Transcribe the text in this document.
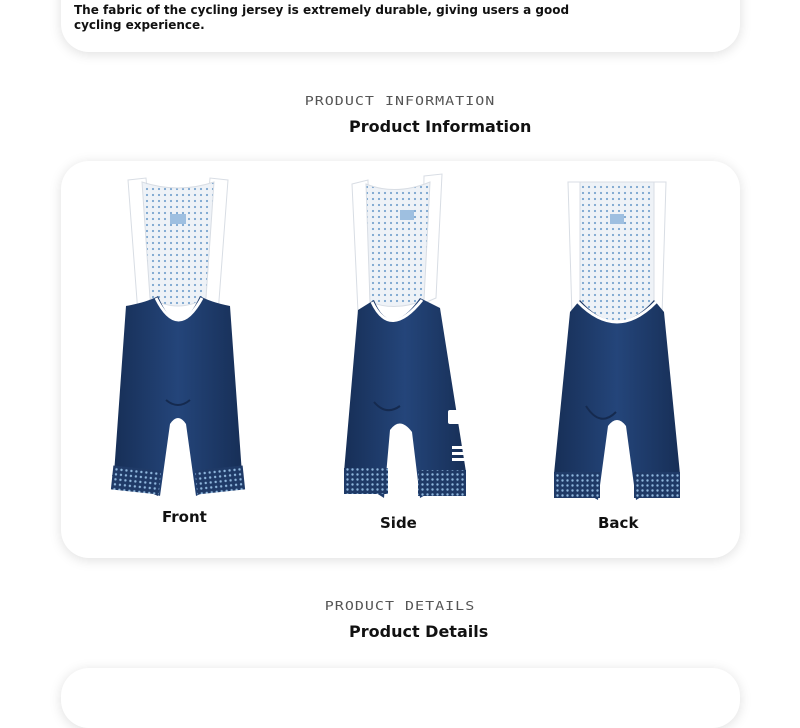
The fabric of the cycling jersey is extremely durable, giving users a good cycling experience.
PRODUCT INFORMATION
Product Information
Front	Side	Back
PRODUCT DETAILS
Product Details
